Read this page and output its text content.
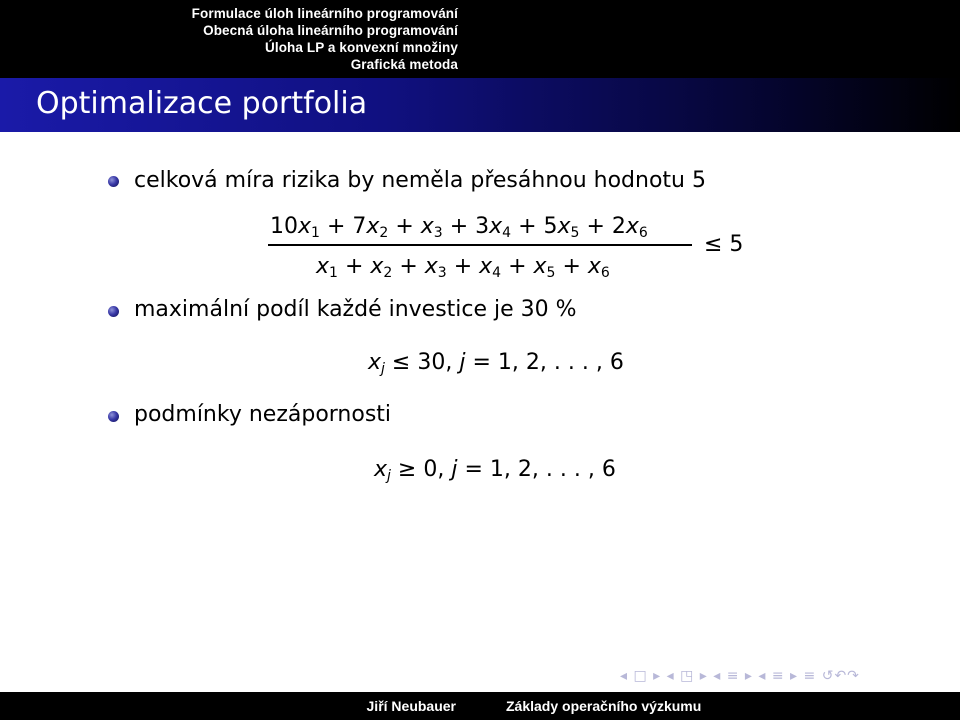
Formulace úloh lineárního programování
Obecná úloha lineárního programování
Úloha LP a konvexní množiny
Grafická metoda
Optimalizace portfolia
celková míra rizika by neměla přesáhnou hodnotu 5
$10x_1 + 7x_2 + x_3 + 3x_4 + 5x_5 + 2x_6$
$x_1 + x_2 + x_3 + x_4 + x_5 + x_6$
≤ 5
maximální podíl každé investice je 30 %
$x_j \le 30$, j = 1, 2, . . . , 6
podmínky nezápornosti
$x_j \ge 0$, j = 1, 2, . . . , 6
◂ □ ▸ ◂ ◳ ▸ ◂ ≡ ▸ ◂ ≡ ▸ ≡ ↺↶↷
Jiří Neubauer	Základy operačního výzkumu
